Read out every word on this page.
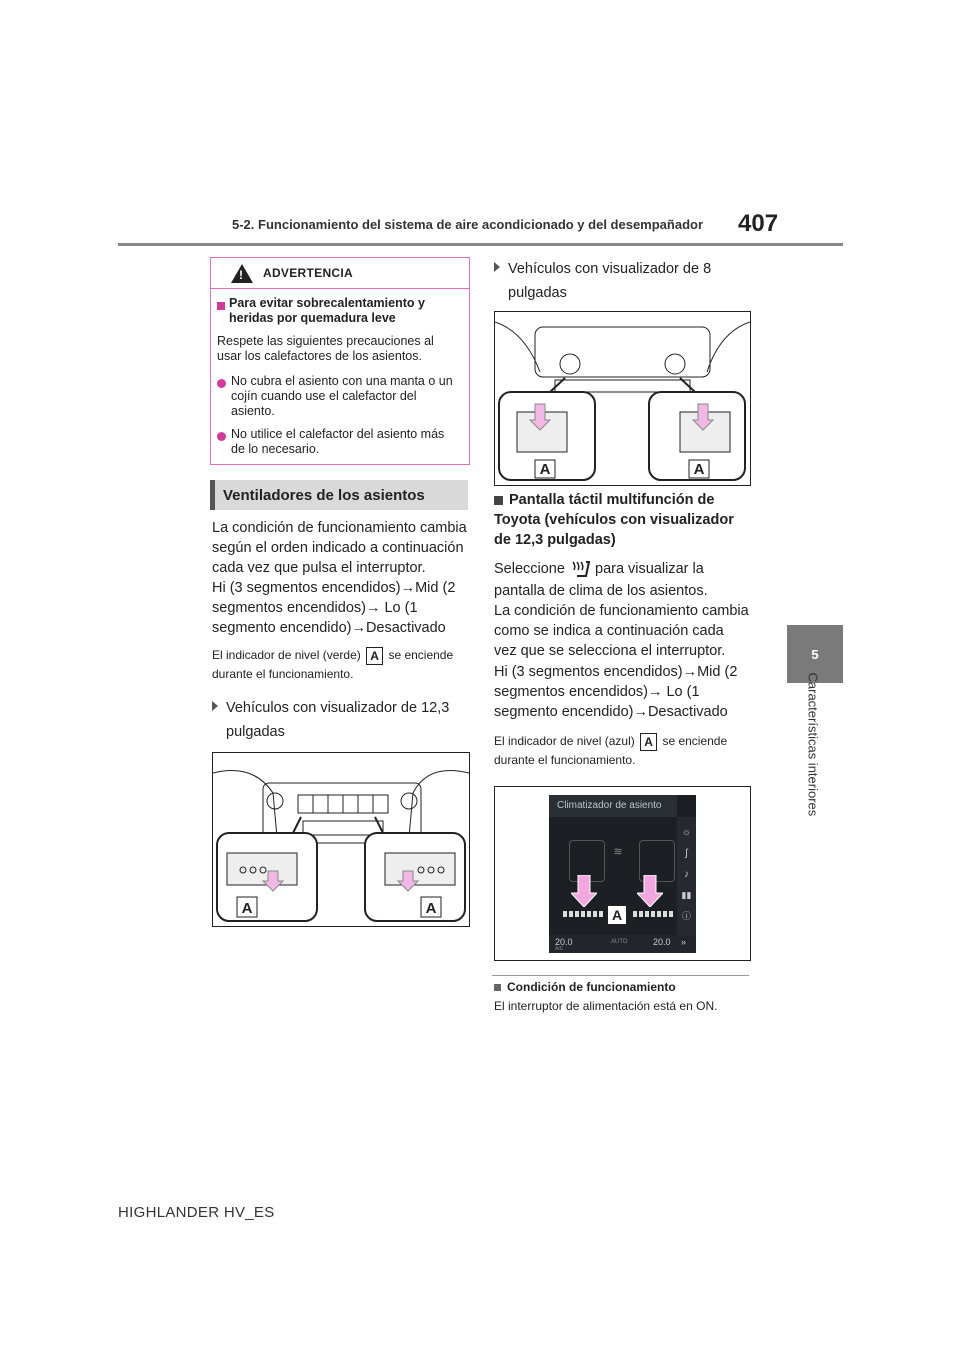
5-2. Funcionamiento del sistema de aire acondicionado y del desempañador 407
5
Características interiores
!
ADVERTENCIA
Para evitar sobrecalentamiento y heridas por quemadura leve
Respete las siguientes precauciones al usar los calefactores de los asientos.
No cubra el asiento con una manta o un cojín cuando use el calefactor del asiento.
No utilice el calefactor del asiento más de lo necesario.
Ventiladores de los asientos
La condición de funcionamiento cambia según el orden indicado a continuación cada vez que pulsa el interruptor.
Hi (3 segmentos encendidos)→Mid (2 segmentos encendidos)→ Lo (1 segmento encendido)→Desactivado
El indicador de nivel (verde) A se enciende durante el funcionamiento.
Vehículos con visualizador de 12,3 pulgadas
A	A
Vehículos con visualizador de 8 pulgadas
A	A
Pantalla táctil multifunción de Toyota (vehículos con visualizador de 12,3 pulgadas)
Seleccione para visualizar la pantalla de clima de los asientos.
La condición de funcionamiento cambia como se indica a continuación cada vez que se selecciona el interruptor.
Hi (3 segmentos encendidos)→Mid (2 segmentos encendidos)→ Lo (1 segmento encendido)→Desactivado
El indicador de nivel (azul) A se enciende durante el funcionamiento.
Climatizador de asiento
☼
ʃ
♪
▮▮
ⓘ
≋
A
20.0
A/C
AUTO	20.0 »
Condición de funcionamiento
El interruptor de alimentación está en ON.
HIGHLANDER HV_ES
